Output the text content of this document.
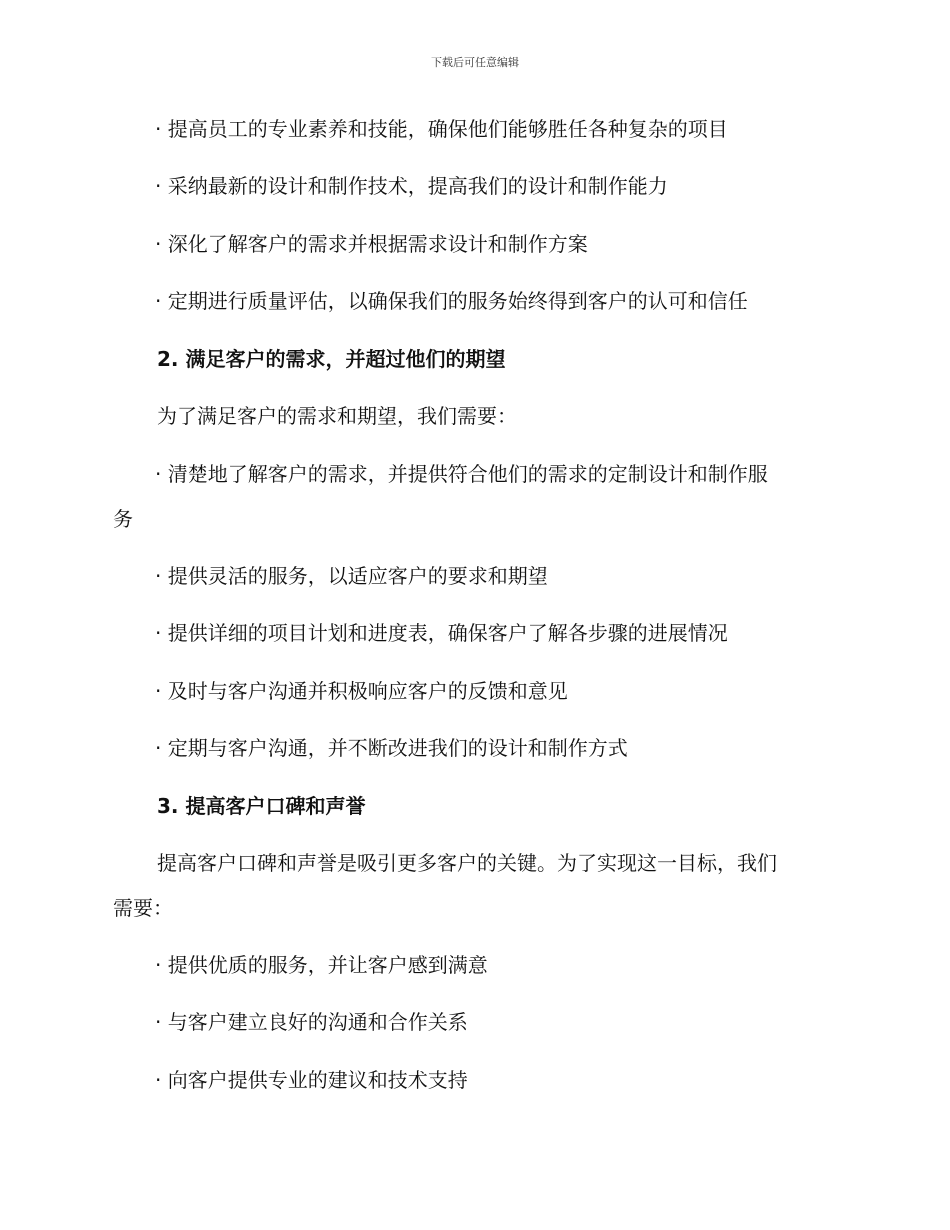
下载后可任意编辑
· 提高员工的专业素养和技能，确保他们能够胜任各种复杂的项目
· 采纳最新的设计和制作技术，提高我们的设计和制作能力
· 深化了解客户的需求并根据需求设计和制作方案
· 定期进行质量评估，以确保我们的服务始终得到客户的认可和信任
2. 满足客户的需求，并超过他们的期望
为了满足客户的需求和期望，我们需要：
· 清楚地了解客户的需求，并提供符合他们的需求的定制设计和制作服
务
· 提供灵活的服务，以适应客户的要求和期望
· 提供详细的项目计划和进度表，确保客户了解各步骤的进展情况
· 及时与客户沟通并积极响应客户的反馈和意见
· 定期与客户沟通，并不断改进我们的设计和制作方式
3. 提高客户口碑和声誉
提高客户口碑和声誉是吸引更多客户的关键。为了实现这一目标，我们
需要：
· 提供优质的服务，并让客户感到满意
· 与客户建立良好的沟通和合作关系
· 向客户提供专业的建议和技术支持
